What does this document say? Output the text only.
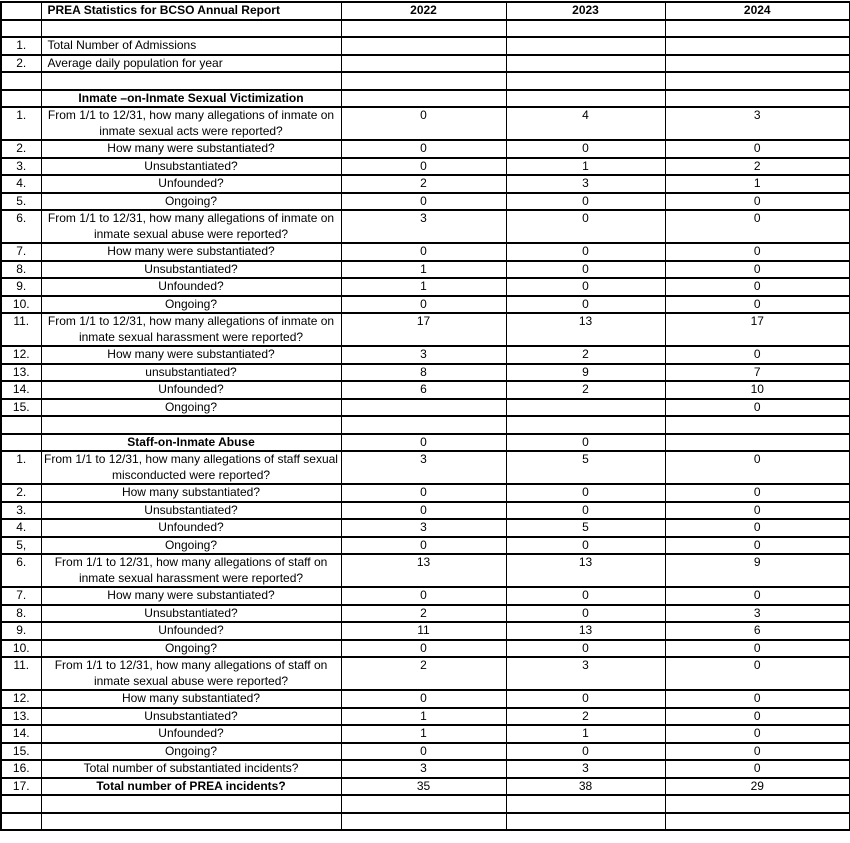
	PREA Statistics for BCSO Annual Report	2022	2023	2024

1.	Total Number of Admissions			
2.	Average daily population for year			

	Inmate –on-Inmate Sexual Victimization			
1.	From 1/1 to 12/31, how many allegations of inmate on inmate sexual acts were reported?	0	4	3
2.	How many were substantiated?	0	0	0
3.	Unsubstantiated?	0	1	2
4.	Unfounded?	2	3	1
5.	Ongoing?	0	0	0
6.	From 1/1 to 12/31, how many allegations of inmate on inmate sexual abuse were reported?	3	0	0
7.	How many were substantiated?	0	0	0
8.	Unsubstantiated?	1	0	0
9.	Unfounded?	1	0	0
10.	Ongoing?	0	0	0
11.	From 1/1 to 12/31, how many allegations of inmate on inmate sexual harassment were reported?	17	13	17
12.	How many were substantiated?	3	2	0
13.	unsubstantiated?	8	9	7
14.	Unfounded?	6	2	10
15.	Ongoing?			0

	Staff-on-Inmate Abuse	0	0	
1.	From 1/1 to 12/31, how many allegations of staff sexual misconducted were reported?	3	5	0
2.	How many substantiated?	0	0	0
3.	Unsubstantiated?	0	0	0
4.	Unfounded?	3	5	0
5,	Ongoing?	0	0	0
6.	From 1/1 to 12/31, how many allegations of staff on inmate sexual harassment were reported?	13	13	9
7.	How many were substantiated?	0	0	0
8.	Unsubstantiated?	2	0	3
9.	Unfounded?	11	13	6
10.	Ongoing?	0	0	0
11.	From 1/1 to 12/31, how many allegations of staff on inmate sexual abuse were reported?	2	3	0
12.	How many substantiated?	0	0	0
13.	Unsubstantiated?	1	2	0
14.	Unfounded?	1	1	0
15.	Ongoing?	0	0	0
16.	Total number of substantiated incidents?	3	3	0
17.	Total number of PREA incidents?	35	38	29
